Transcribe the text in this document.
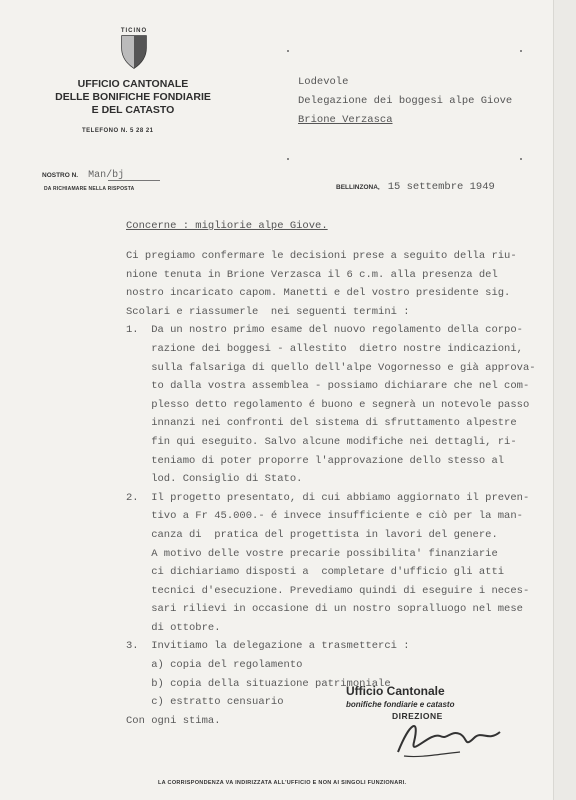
TICINO
UFFICIO CANTONALE
DELLE BONIFICHE FONDIARIE
E DEL CATASTO
TELEFONO N. 5 28 21
Lodevole
Delegazione dei boggesi alpe Giove
Brione Verzasca
NOSTRO N. Man/bj
DA RICHIAMARE NELLA RISPOSTA	BELLINZONA, 15 settembre 1949
Concerne : migliorie alpe Giove.
Ci pregiamo confermare le decisioni prese a seguito della riu-
nione tenuta in Brione Verzasca il 6 c.m. alla presenza del
nostro incaricato capom. Manetti e del vostro presidente sig.
Scolari e riassumerle  nei seguenti termini :
1.  Da un nostro primo esame del nuovo regolamento della corpo-
razione dei boggesi - allestito  dietro nostre indicazioni,
sulla falsariga di quello dell'alpe Vogornesso e già approva-
to dalla vostra assemblea - possiamo dichiarare che nel com-
plesso detto regolamento é buono e segnerà un notevole passo
innanzi nei confronti del sistema di sfruttamento alpestre
fin qui eseguito. Salvo alcune modifiche nei dettagli, ri-
teniamo di poter proporre l'approvazione dello stesso al
lod. Consiglio di Stato.
2.  Il progetto presentato, di cui abbiamo aggiornato il preven-
tivo a Fr 45.000.- é invece insufficiente e ciò per la man-
canza di  pratica del progettista in lavori del genere.
A motivo delle vostre precarie possibilita' finanziarie
ci dichiariamo disposti a  completare d'ufficio gli atti
tecnici d'esecuzione. Prevediamo quindi di eseguire i neces-
sari rilievi in occasione di un nostro sopralluogo nel mese
di ottobre.
3.  Invitiamo la delegazione a trasmetterci :
a) copia del regolamento
b) copia della situazione patrimoniale
c) estratto censuario
Con ogni stima.
Ufficio Cantonale
bonifiche fondiarie e catasto
DIREZIONE
LA CORRISPONDENZA VA INDIRIZZATA ALL'UFFICIO E NON AI SINGOLI FUNZIONARI.
